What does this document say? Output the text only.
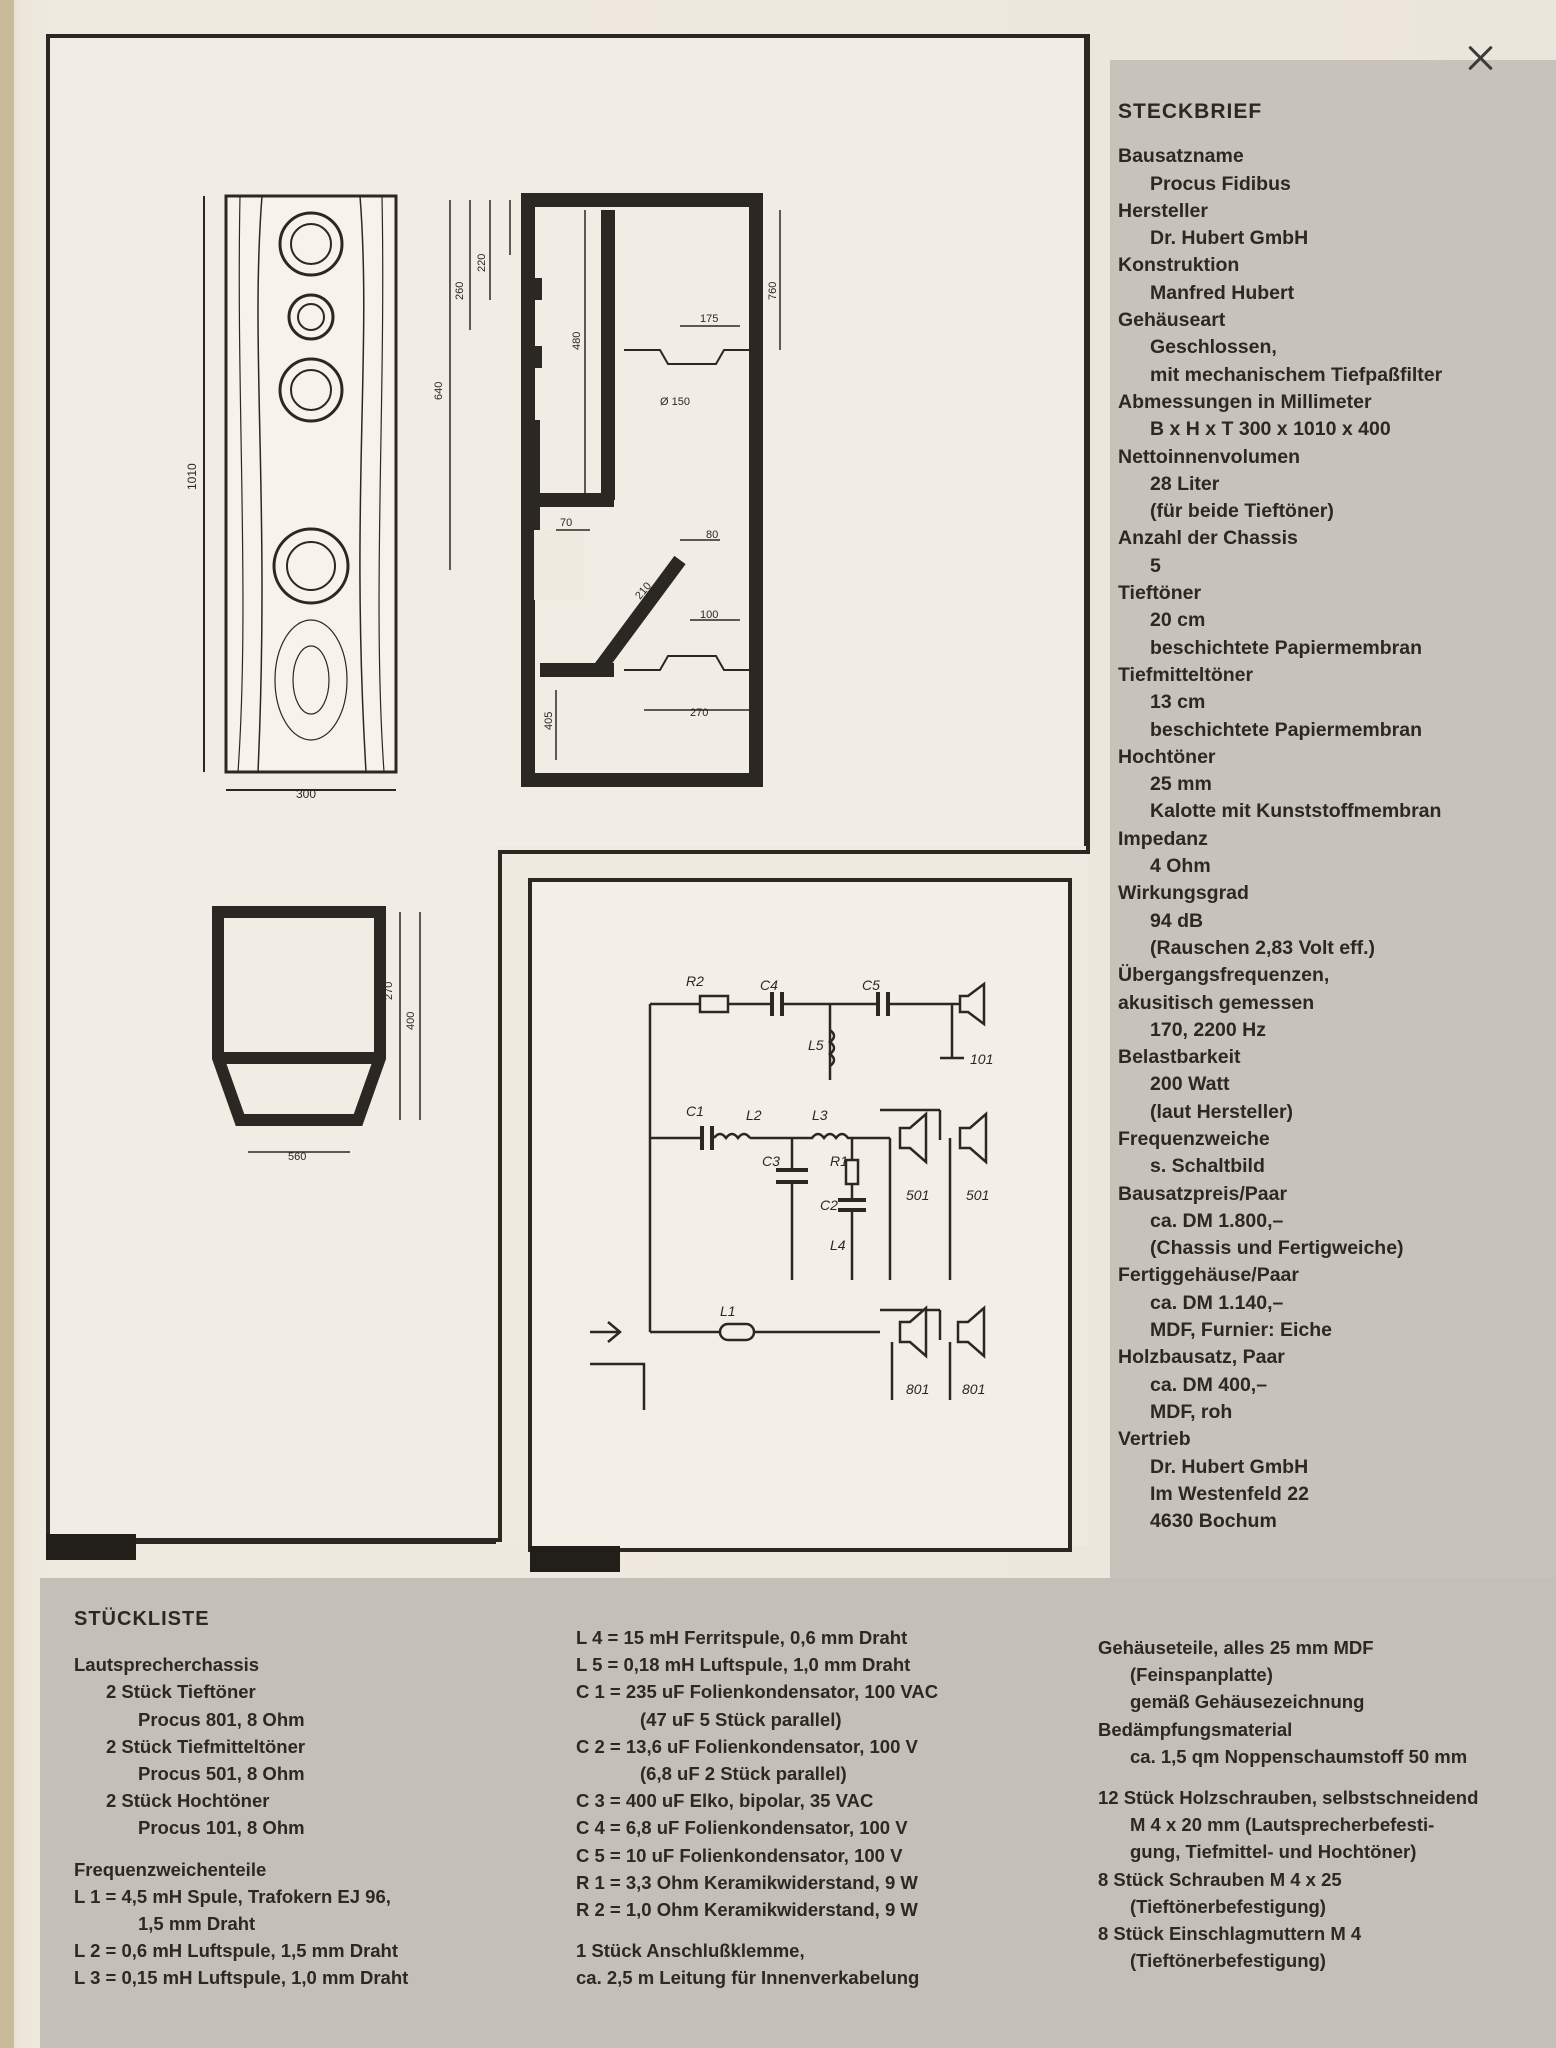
1010
300
640
260
220
480
760
Ø 150
175
80
210
70
405	270
100
270
400
560
R2	C4	C5
L5
C1	L2	L3
C3	R1
C2
L4
L1
101
501	501
801 801
STECKBRIEF
Bausatzname
Procus Fidibus
Hersteller
Dr. Hubert GmbH
Konstruktion
Manfred Hubert
Gehäuseart
Geschlossen,
mit mechanischem Tiefpaßfilter
Abmessungen in Millimeter
B x H x T 300 x 1010 x 400
Nettoinnenvolumen
28 Liter
(für beide Tieftöner)
Anzahl der Chassis
5
Tieftöner
20 cm
beschichtete Papiermembran
Tiefmitteltöner
13 cm
beschichtete Papiermembran
Hochtöner
25 mm
Kalotte mit Kunststoffmembran
Impedanz
4 Ohm
Wirkungsgrad
94 dB
(Rauschen 2,83 Volt eff.)
Übergangsfrequenzen,
akusitisch gemessen
170, 2200 Hz
Belastbarkeit
200 Watt
(laut Hersteller)
Frequenzweiche
s. Schaltbild
Bausatzpreis/Paar
ca. DM 1.800,–
(Chassis und Fertigweiche)
Fertiggehäuse/Paar
ca. DM 1.140,–
MDF, Furnier: Eiche
Holzbausatz, Paar
ca. DM 400,–
MDF, roh
Vertrieb
Dr. Hubert GmbH
Im Westenfeld 22
4630 Bochum
STÜCKLISTE
Lautsprecherchassis
2 Stück Tieftöner
Procus 801, 8 Ohm
2 Stück Tiefmitteltöner
Procus 501, 8 Ohm
2 Stück Hochtöner
Procus 101, 8 Ohm
Frequenzweichenteile
L 1 = 4,5 mH Spule, Trafokern EJ 96,
1,5 mm Draht
L 2 = 0,6 mH Luftspule, 1,5 mm Draht
L 3 = 0,15 mH Luftspule, 1,0 mm Draht
L 4 = 15 mH Ferritspule, 0,6 mm Draht
L 5 = 0,18 mH Luftspule, 1,0 mm Draht
C 1 = 235 uF Folienkondensator, 100 VAC
(47 uF 5 Stück parallel)
C 2 = 13,6 uF Folienkondensator, 100 V
(6,8 uF 2 Stück parallel)
C 3 = 400 uF Elko, bipolar, 35 VAC
C 4 = 6,8 uF Folienkondensator, 100 V
C 5 = 10 uF Folienkondensator, 100 V
R 1 = 3,3 Ohm Keramikwiderstand, 9 W
R 2 = 1,0 Ohm Keramikwiderstand, 9 W
1 Stück Anschlußklemme,
ca. 2,5 m Leitung für Innenverkabelung
Gehäuseteile, alles 25 mm MDF
(Feinspanplatte)
gemäß Gehäusezeichnung
Bedämpfungsmaterial
ca. 1,5 qm Noppenschaumstoff 50 mm
12 Stück Holzschrauben, selbstschneidend
M 4 x 20 mm (Lautsprecherbefesti-
gung, Tiefmittel- und Hochtöner)
8 Stück Schrauben M 4 x 25
(Tieftönerbefestigung)
8 Stück Einschlagmuttern M 4
(Tieftönerbefestigung)
